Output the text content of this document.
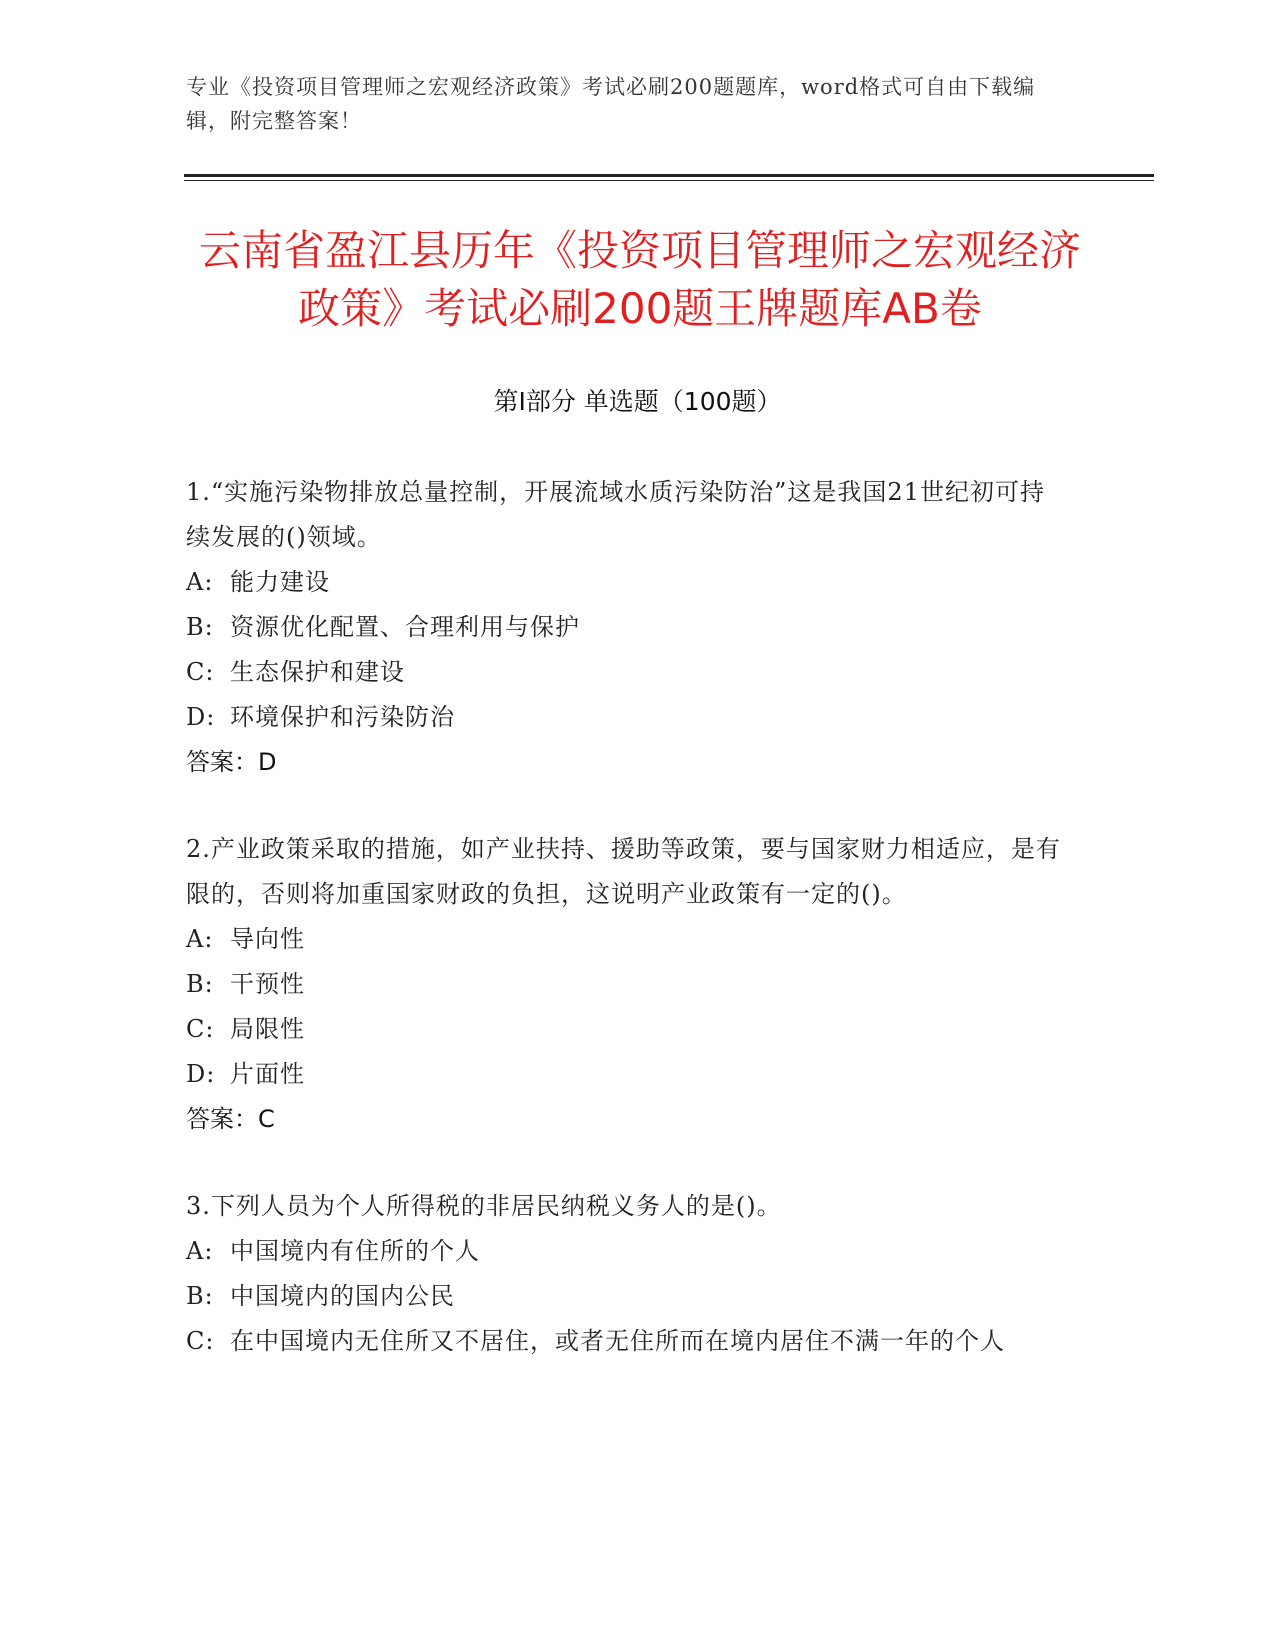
专业《投资项目管理师之宏观经济政策》考试必刷200题题库，word格式可自由下载编辑，附完整答案！
云南省盈江县历年《投资项目管理师之宏观经济政策》考试必刷200题王牌题库AB卷
第I部分 单选题（100题）
1.“实施污染物排放总量控制，开展流域水质污染防治”这是我国21世纪初可持续发展的()领域。
A: 能力建设
B: 资源优化配置、合理利用与保护
C: 生态保护和建设
D: 环境保护和污染防治
答案：D
2.产业政策采取的措施，如产业扶持、援助等政策，要与国家财力相适应，是有限的，否则将加重国家财政的负担，这说明产业政策有一定的()。
A: 导向性
B: 干预性
C: 局限性
D: 片面性
答案：C
3.下列人员为个人所得税的非居民纳税义务人的是()。
A: 中国境内有住所的个人
B: 中国境内的国内公民
C: 在中国境内无住所又不居住，或者无住所而在境内居住不满一年的个人
